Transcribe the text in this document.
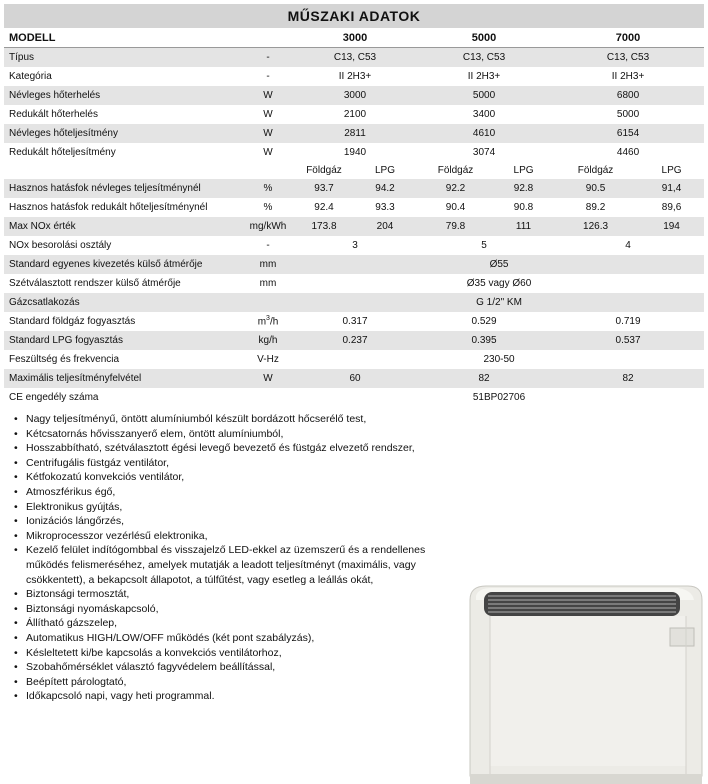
MŰSZAKI ADATOK
MODELL		3000		5000		7000	
Típus	-	C13, C53		C13, C53		C13, C53	
Kategória	-	II 2H3+		II 2H3+		II 2H3+	
Névleges hőterhelés	W	3000		5000		6800	
Redukált hőterhelés	W	2100		3400		5000	
Névleges hőteljesítmény	W	2811		4610		6154	
Redukált hőteljesítmény	W	1940		3074		4460	
		Földgáz	LPG	Földgáz	LPG	Földgáz	LPG
Hasznos hatásfok névleges teljesítménynél	%	93.7	94.2	92.2	92.8	90.5	91,4
Hasznos hatásfok redukált hőteljesítménynél	%	92.4	93.3	90.4	90.8	89.2	89,6
Max NOx érték	mg/kWh	173.8	204	79.8	111	126.3	194
NOx besorolási osztály	-	3		5		4	
Standard egyenes kivezetés külső átmérője	mm	Ø55					
Szétválasztott rendszer külső átmérője	mm	Ø35 vagy Ø60					
Gázcsatlakozás		G 1/2" KM					
Standard földgáz fogyasztás	$m^3/h$	0.317		0.529		0.719	
Standard LPG fogyasztás	kg/h	0.237		0.395		0.537	
Feszültség és frekvencia	V-Hz	230-50					
Maximális teljesítményfelvétel	W	60		82		82	
CE engedély száma		51BP02706					
• Nagy teljesítményű, öntött alumíniumból készült bordázott hőcserélő test,
• Kétcsatornás hővisszanyerő elem, öntött alumíniumból,
• Hosszabbítható, szétválasztott égési levegő bevezető és füstgáz elvezető rendszer,
• Centrifugális füstgáz ventilátor,
• Kétfokozatú konvekciós ventilátor,
• Atmoszférikus égő,
• Elektronikus gyújtás,
• Ionizációs lángőrzés,
• Mikroprocesszor vezérlésű elektronika,
• Kezelő felület indítógombbal és visszajelző LED-ekkel az üzemszerű és a rendellenes működés felismeréséhez, amelyek mutatják a leadott teljesítményt (maximális, vagy csökkentett), a bekapcsolt állapotot, a túlfűtést, vagy esetleg a leállás okát,
• Biztonsági termosztát,
• Biztonsági nyomáskapcsoló,
• Állítható gázszelep,
• Automatikus HIGH/LOW/OFF működés (két pont szabályzás),
• Késleltetett ki/be kapcsolás a konvekciós ventilátorhoz,
• Szobahőmérséklet választó fagyvédelem beállítással,
• Beépített párologtató,
• Időkapcsoló napi, vagy heti programmal.
